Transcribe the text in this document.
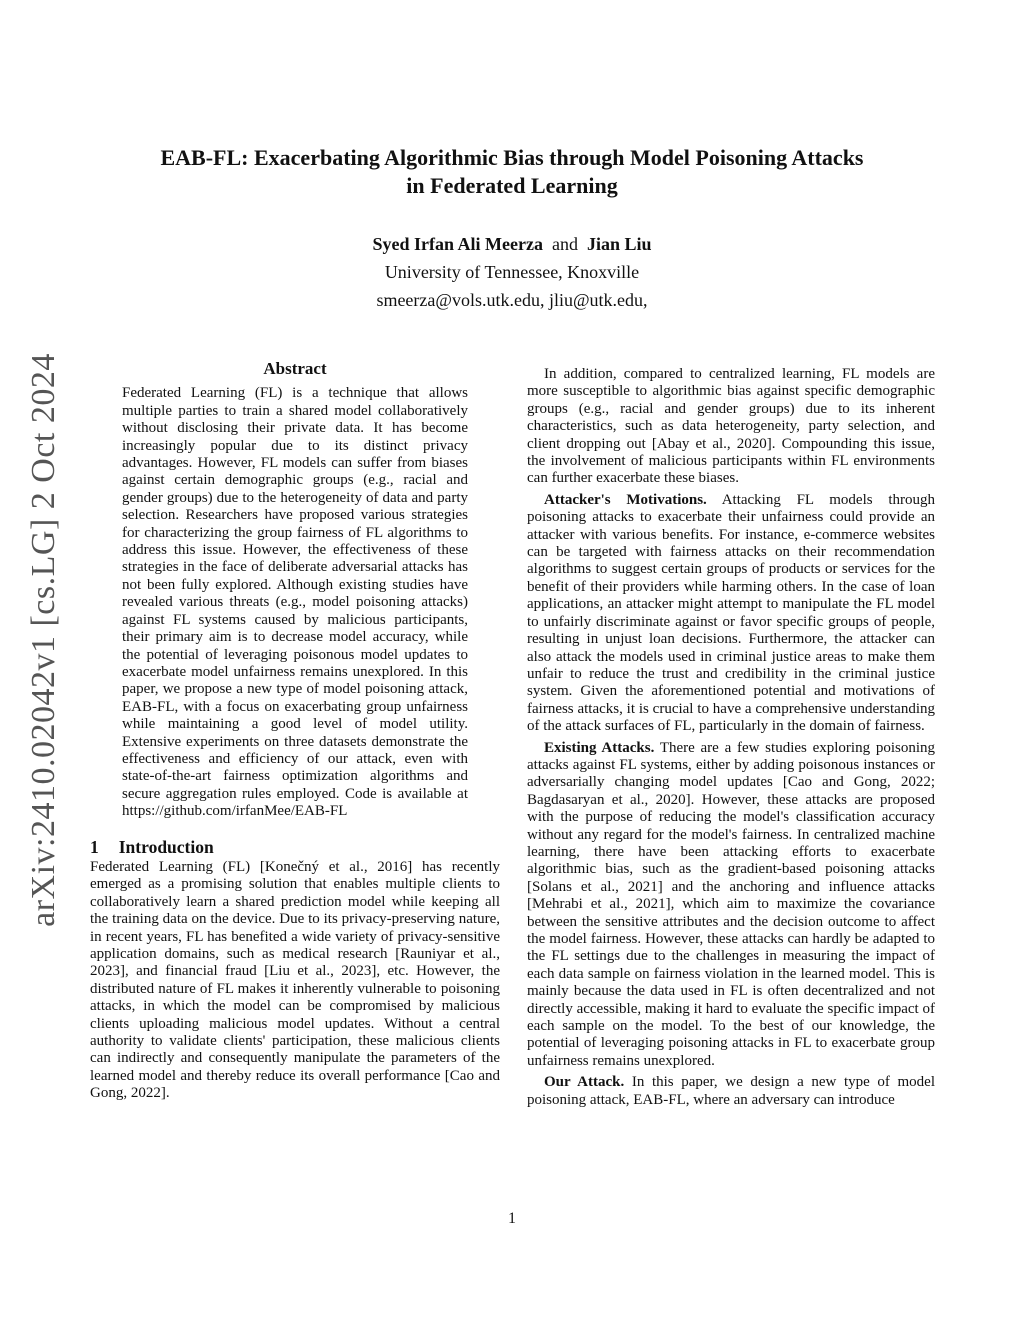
arXiv:2410.02042v1 [cs.LG] 2 Oct 2024
EAB-FL: Exacerbating Algorithmic Bias through Model Poisoning Attacks
in Federated Learning
Syed Irfan Ali Meerza and Jian Liu
University of Tennessee, Knoxville
smeerza@vols.utk.edu, jliu@utk.edu,
Abstract

Federated Learning (FL) is a technique that allows multiple parties to train a shared model collaboratively without disclosing their private data. It has become increasingly popular due to its distinct privacy advantages. However, FL models can suffer from biases against certain demographic groups (e.g., racial and gender groups) due to the heterogeneity of data and party selection. Researchers have proposed various strategies for characterizing the group fairness of FL algorithms to address this issue. However, the effectiveness of these strategies in the face of deliberate adversarial attacks has not been fully explored. Although existing studies have revealed various threats (e.g., model poisoning attacks) against FL systems caused by malicious participants, their primary aim is to decrease model accuracy, while the potential of leveraging poisonous model updates to exacerbate model unfairness remains unexplored. In this paper, we propose a new type of model poisoning attack, EAB-FL, with a focus on exacerbating group unfairness while maintaining a good level of model utility. Extensive experiments on three datasets demonstrate the effectiveness and efficiency of our attack, even with state-of-the-art fairness optimization algorithms and secure aggregation rules employed. Code is available at https://github.com/irfanMee/EAB-FL

1 Introduction

Federated Learning (FL) [Konečný et al., 2016] has recently emerged as a promising solution that enables multiple clients to collaboratively learn a shared prediction model while keeping all the training data on the device. Due to its privacy-preserving nature, in recent years, FL has benefited a wide variety of privacy-sensitive application domains, such as medical research [Rauniyar et al., 2023], and financial fraud [Liu et al., 2023], etc. However, the distributed nature of FL makes it inherently vulnerable to poisoning attacks, in which the model can be compromised by malicious clients uploading malicious model updates. Without a central authority to validate clients' participation, these malicious clients can indirectly and consequently manipulate the parameters of the learned model and thereby reduce its overall performance [Cao and Gong, 2022].

In addition, compared to centralized learning, FL models are more susceptible to algorithmic bias against specific demographic groups (e.g., racial and gender groups) due to its inherent characteristics, such as data heterogeneity, party selection, and client dropping out [Abay et al., 2020]. Compounding this issue, the involvement of malicious participants within FL environments can further exacerbate these biases.

Attacker's Motivations. Attacking FL models through poisoning attacks to exacerbate their unfairness could provide an attacker with various benefits. For instance, e-commerce websites can be targeted with fairness attacks on their recommendation algorithms to suggest certain groups of products or services for the benefit of their providers while harming others. In the case of loan applications, an attacker might attempt to manipulate the FL model to unfairly discriminate against or favor specific groups of people, resulting in unjust loan decisions. Furthermore, the attacker can also attack the models used in criminal justice areas to make them unfair to reduce the trust and credibility in the criminal justice system. Given the aforementioned potential and motivations of fairness attacks, it is crucial to have a comprehensive understanding of the attack surfaces of FL, particularly in the domain of fairness.

Existing Attacks. There are a few studies exploring poisoning attacks against FL systems, either by adding poisonous instances or adversarially changing model updates [Cao and Gong, 2022; Bagdasaryan et al., 2020]. However, these attacks are proposed with the purpose of reducing the model's classification accuracy without any regard for the model's fairness. In centralized machine learning, there have been attacking efforts to exacerbate algorithmic bias, such as the gradient-based poisoning attacks [Solans et al., 2021] and the anchoring and influence attacks [Mehrabi et al., 2021], which aim to maximize the covariance between the sensitive attributes and the decision outcome to affect the model fairness. However, these attacks can hardly be adapted to the FL settings due to the challenges in measuring the impact of each data sample on fairness violation in the learned model. This is mainly because the data used in FL is often decentralized and not directly accessible, making it hard to evaluate the specific impact of each sample on the model. To the best of our knowledge, the potential of leveraging poisoning attacks in FL to exacerbate group unfairness remains unexplored.

Our Attack. In this paper, we design a new type of model poisoning attack, EAB-FL, where an adversary can introduce

1
